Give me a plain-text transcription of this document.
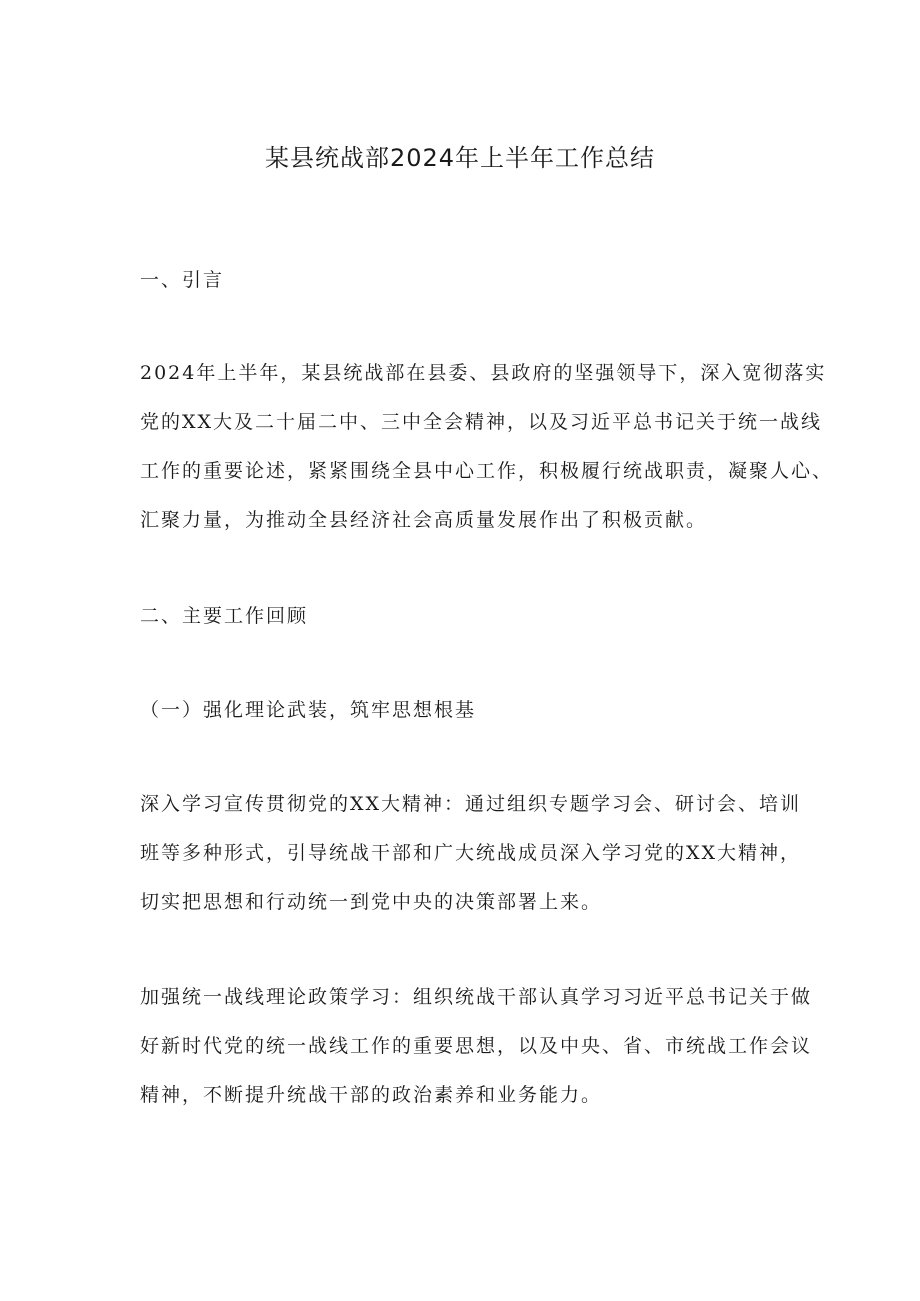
某县统战部2024年上半年工作总结
一、引言
2024年上半年，某县统战部在县委、县政府的坚强领导下，深入宽彻落实
党的XX大及二十届二中、三中全会精神，以及习近平总书记关于统一战线
工作的重要论述，紧紧围绕全县中心工作，积极履行统战职责，凝聚人心、
汇聚力量，为推动全县经济社会高质量发展作出了积极贡献。
二、主要工作回顾
（一）强化理论武装，筑牢思想根基
深入学习宣传贯彻党的XX大精神：通过组织专题学习会、研讨会、培训
班等多种形式，引导统战干部和广大统战成员深入学习党的XX大精神，
切实把思想和行动统一到党中央的决策部署上来。
加强统一战线理论政策学习：组织统战干部认真学习习近平总书记关于做
好新时代党的统一战线工作的重要思想，以及中央、省、市统战工作会议
精神，不断提升统战干部的政治素养和业务能力。
